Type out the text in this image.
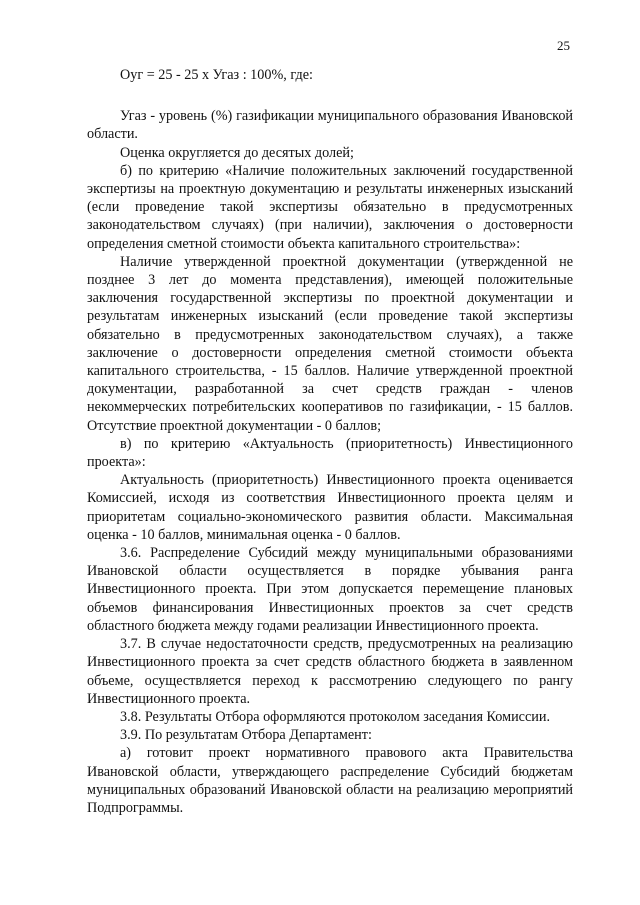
25

Оуг = 25 - 25 х Угаз : 100%, где:

Угаз - уровень (%) газификации муниципального образования Ивановской области.

Оценка округляется до десятых долей;

б) по критерию «Наличие положительных заключений государственной экспертизы на проектную документацию и результаты инженерных изысканий (если проведение такой экспертизы обязательно в предусмотренных законодательством случаях) (при наличии), заключения о достоверности определения сметной стоимости объекта капитального строительства»:

Наличие утвержденной проектной документации (утвержденной не позднее 3 лет до момента представления), имеющей положительные заключения государственной экспертизы по проектной документации и результатам инженерных изысканий (если проведение такой экспертизы обязательно в предусмотренных законодательством случаях), а также заключение о достоверности определения сметной стоимости объекта капитального строительства, - 15 баллов. Наличие утвержденной проектной документации, разработанной за счет средств граждан - членов некоммерческих потребительских кооперативов по газификации, - 15 баллов. Отсутствие проектной документации - 0 баллов;

в) по критерию «Актуальность (приоритетность) Инвестиционного проекта»:

Актуальность (приоритетность) Инвестиционного проекта оценивается Комиссией, исходя из соответствия Инвестиционного проекта целям и приоритетам социально-экономического развития области. Максимальная оценка - 10 баллов, минимальная оценка - 0 баллов.

3.6. Распределение Субсидий между муниципальными образованиями Ивановской области осуществляется в порядке убывания ранга Инвестиционного проекта. При этом допускается перемещение плановых объемов финансирования Инвестиционных проектов за счет средств областного бюджета между годами реализации Инвестиционного проекта.

3.7. В случае недостаточности средств, предусмотренных на реализацию Инвестиционного проекта за счет средств областного бюджета в заявленном объеме, осуществляется переход к рассмотрению следующего по рангу Инвестиционного проекта.

3.8. Результаты Отбора оформляются протоколом заседания Комиссии.

3.9. По результатам Отбора Департамент:

а) готовит проект нормативного правового акта Правительства Ивановской области, утверждающего распределение Субсидий бюджетам муниципальных образований Ивановской области на реализацию мероприятий Подпрограммы.
